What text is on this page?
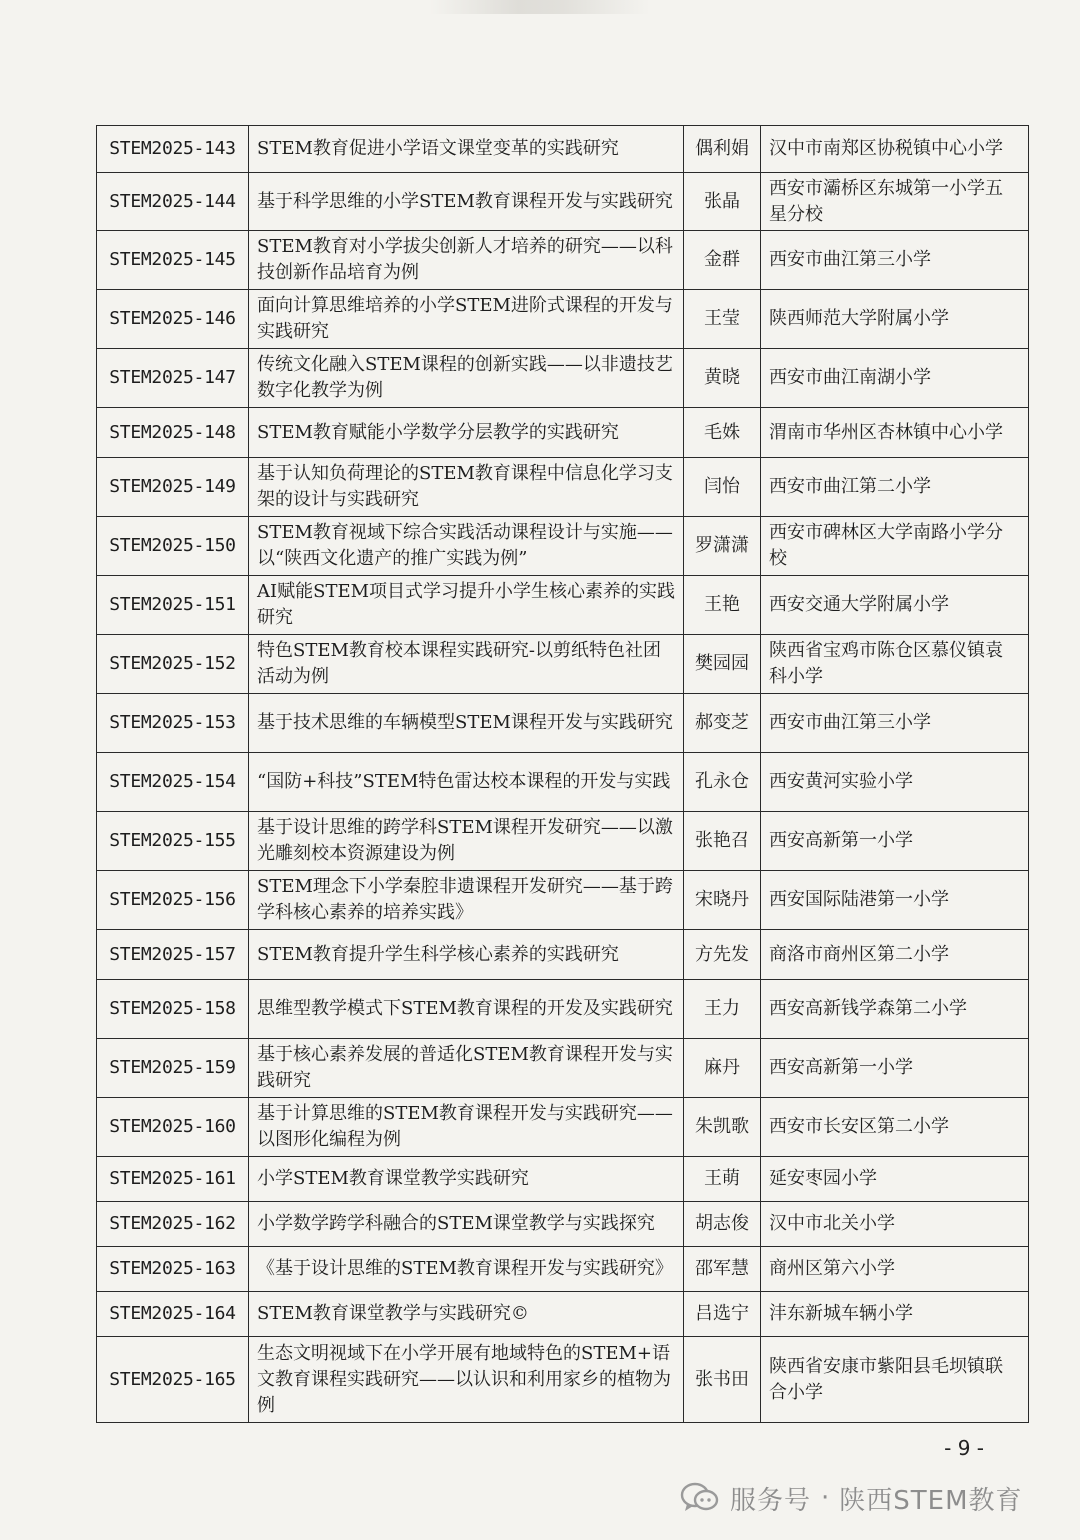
STEM2025-143	STEM教育促进小学语文课堂变革的实践研究	偶利娟	汉中市南郑区协税镇中心小学
STEM2025-144	基于科学思维的小学STEM教育课程开发与实践研究	张晶	西安市灞桥区东城第一小学五星分校
STEM2025-145	STEM教育对小学拔尖创新人才培养的研究——以科技创新作品培育为例	金群	西安市曲江第三小学
STEM2025-146	面向计算思维培养的小学STEM进阶式课程的开发与实践研究	王莹	陕西师范大学附属小学
STEM2025-147	传统文化融入STEM课程的创新实践——以非遗技艺数字化教学为例	黄晓	西安市曲江南湖小学
STEM2025-148	STEM教育赋能小学数学分层教学的实践研究	毛姝	渭南市华州区杏林镇中心小学
STEM2025-149	基于认知负荷理论的STEM教育课程中信息化学习支架的设计与实践研究	闫怡	西安市曲江第二小学
STEM2025-150	STEM教育视域下综合实践活动课程设计与实施——以“陕西文化遗产的推广实践为例”	罗潇潇	西安市碑林区大学南路小学分校
STEM2025-151	AI赋能STEM项目式学习提升小学生核心素养的实践研究	王艳	西安交通大学附属小学
STEM2025-152	特色STEM教育校本课程实践研究-以剪纸特色社团活动为例	樊园园	陕西省宝鸡市陈仓区慕仪镇袁科小学
STEM2025-153	基于技术思维的车辆模型STEM课程开发与实践研究	郝变芝	西安市曲江第三小学
STEM2025-154	“国防+科技”STEM特色雷达校本课程的开发与实践	孔永仓	西安黄河实验小学
STEM2025-155	基于设计思维的跨学科STEM课程开发研究——以激光雕刻校本资源建设为例	张艳召	西安高新第一小学
STEM2025-156	STEM理念下小学秦腔非遗课程开发研究——基于跨学科核心素养的培养实践》	宋晓丹	西安国际陆港第一小学
STEM2025-157	STEM教育提升学生科学核心素养的实践研究	方先发	商洛市商州区第二小学
STEM2025-158	思维型教学模式下STEM教育课程的开发及实践研究	王力	西安高新钱学森第二小学
STEM2025-159	基于核心素养发展的普适化STEM教育课程开发与实践研究	麻丹	西安高新第一小学
STEM2025-160	基于计算思维的STEM教育课程开发与实践研究——以图形化编程为例	朱凯歌	西安市长安区第二小学
STEM2025-161	小学STEM教育课堂教学实践研究	王萌	延安枣园小学
STEM2025-162	小学数学跨学科融合的STEM课堂教学与实践探究	胡志俊	汉中市北关小学
STEM2025-163	《基于设计思维的STEM教育课程开发与实践研究》	邵军慧	商州区第六小学
STEM2025-164	STEM教育课堂教学与实践研究©	吕选宁	沣东新城车辆小学
STEM2025-165	生态文明视域下在小学开展有地域特色的STEM+语文教育课程实践研究——以认识和利用家乡的植物为例	张书田	陕西省安康市紫阳县毛坝镇联合小学
- 9 -
服务号 · 陕西STEM教育
